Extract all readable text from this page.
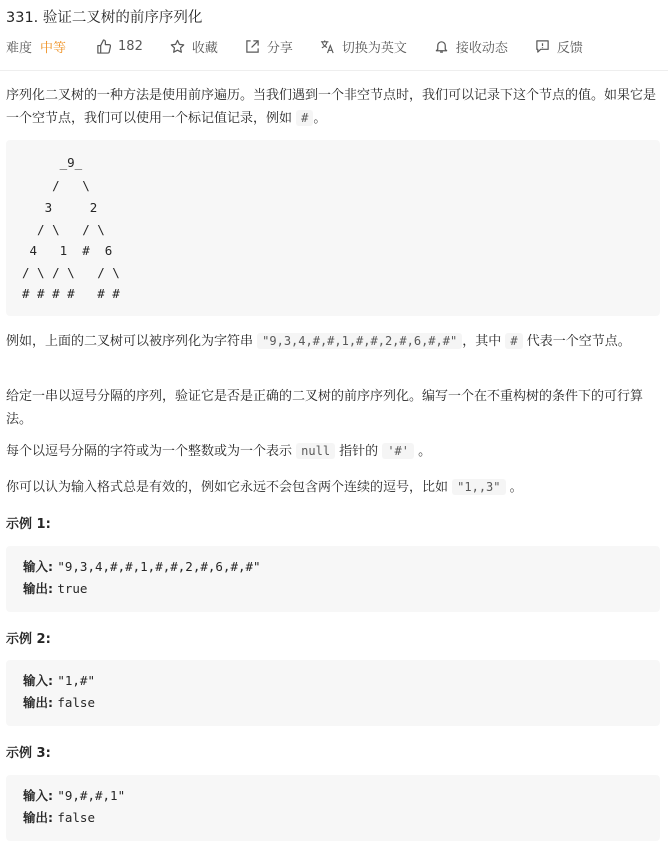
331. 验证二叉树的前序序列化
难度 中等	182	收藏	分享	切换为英文	接收动态	反馈
序列化二叉树的一种方法是使用前序遍历。当我们遇到一个非空节点时，我们可以记录下这个节点的值。如果它是一个空节点，我们可以使用一个标记值记录，例如 # 。
_9_
/   \
3     2
/ \   / \
4   1  #  6
/ \ / \   / \
# # # #   # #
例如，上面的二叉树可以被序列化为字符串 "9,3,4,#,#,1,#,#,2,#,6,#,#" ，其中 # 代表一个空节点。
给定一串以逗号分隔的序列，验证它是否是正确的二叉树的前序序列化。编写一个在不重构树的条件下的可行算法。
每个以逗号分隔的字符或为一个整数或为一个表示 null 指针的 '#' 。
你可以认为输入格式总是有效的，例如它永远不会包含两个连续的逗号，比如 "1,,3" 。
示例 1:
输入: "9,3,4,#,#,1,#,#,2,#,6,#,#"
输出: true
示例 2:
输入: "1,#"
输出: false
示例 3:
输入: "9,#,#,1"
输出: false
